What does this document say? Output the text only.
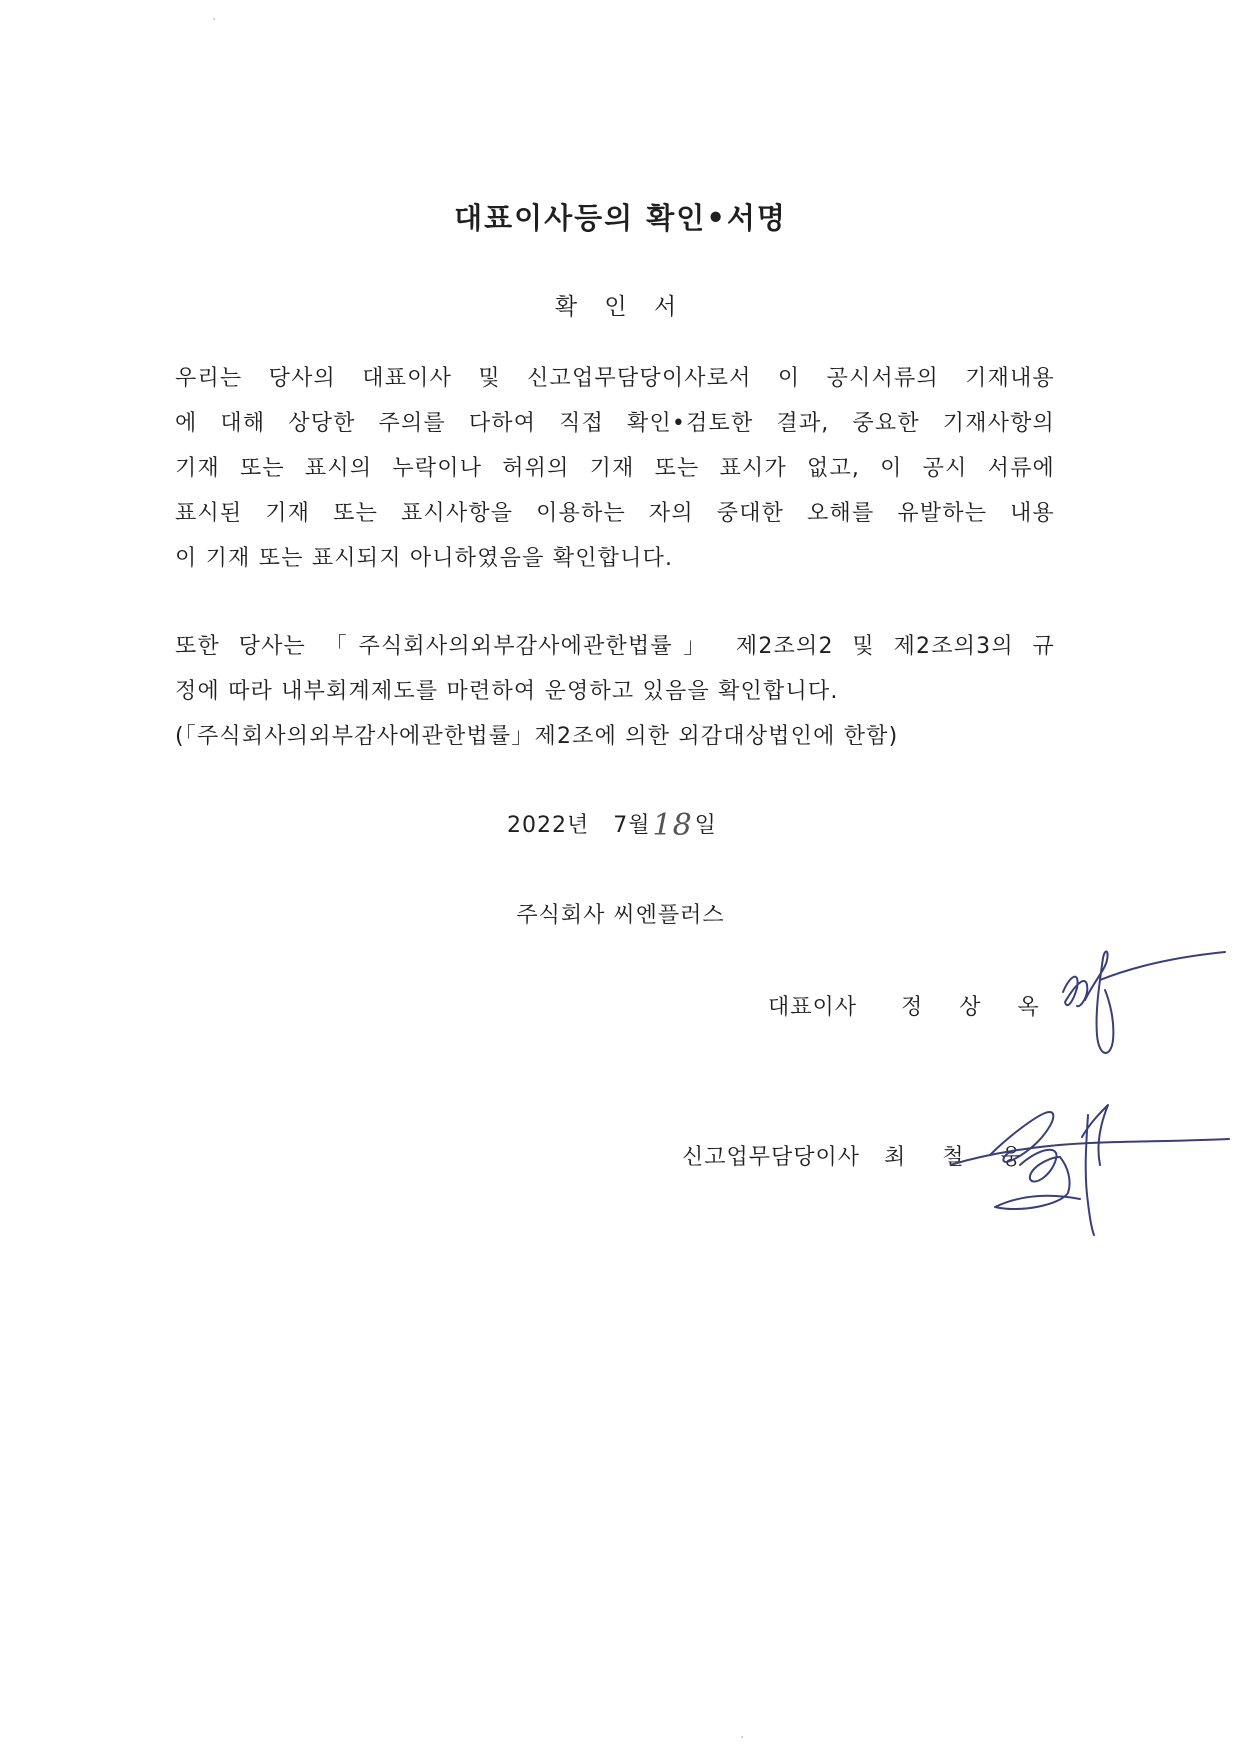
대표이사등의 확인•서명
확 인 서
우리는 당사의 대표이사 및 신고업무담당이사로서 이 공시서류의 기재내용
에 대해 상당한 주의를 다하여 직접 확인•검토한 결과, 중요한 기재사항의
기재 또는 표시의 누락이나 허위의 기재 또는 표시가 없고, 이 공시 서류에
표시된 기재 또는 표시사항을 이용하는 자의 중대한 오해를 유발하는 내용
이 기재 또는 표시되지 아니하였음을 확인합니다.
또한 당사는 「주식회사의외부감사에관한법률」 제2조의2 및 제2조의3의 규
정에 따라 내부회계제도를 마련하여 운영하고 있음을 확인합니다.
(「주식회사의외부감사에관한법률」제2조에 의한 외감대상법인에 한함)
2022년 7월18일
주식회사 씨엔플러스
대표이사 정 상 옥
신고업무담당이사 최 철 웅
·
·
